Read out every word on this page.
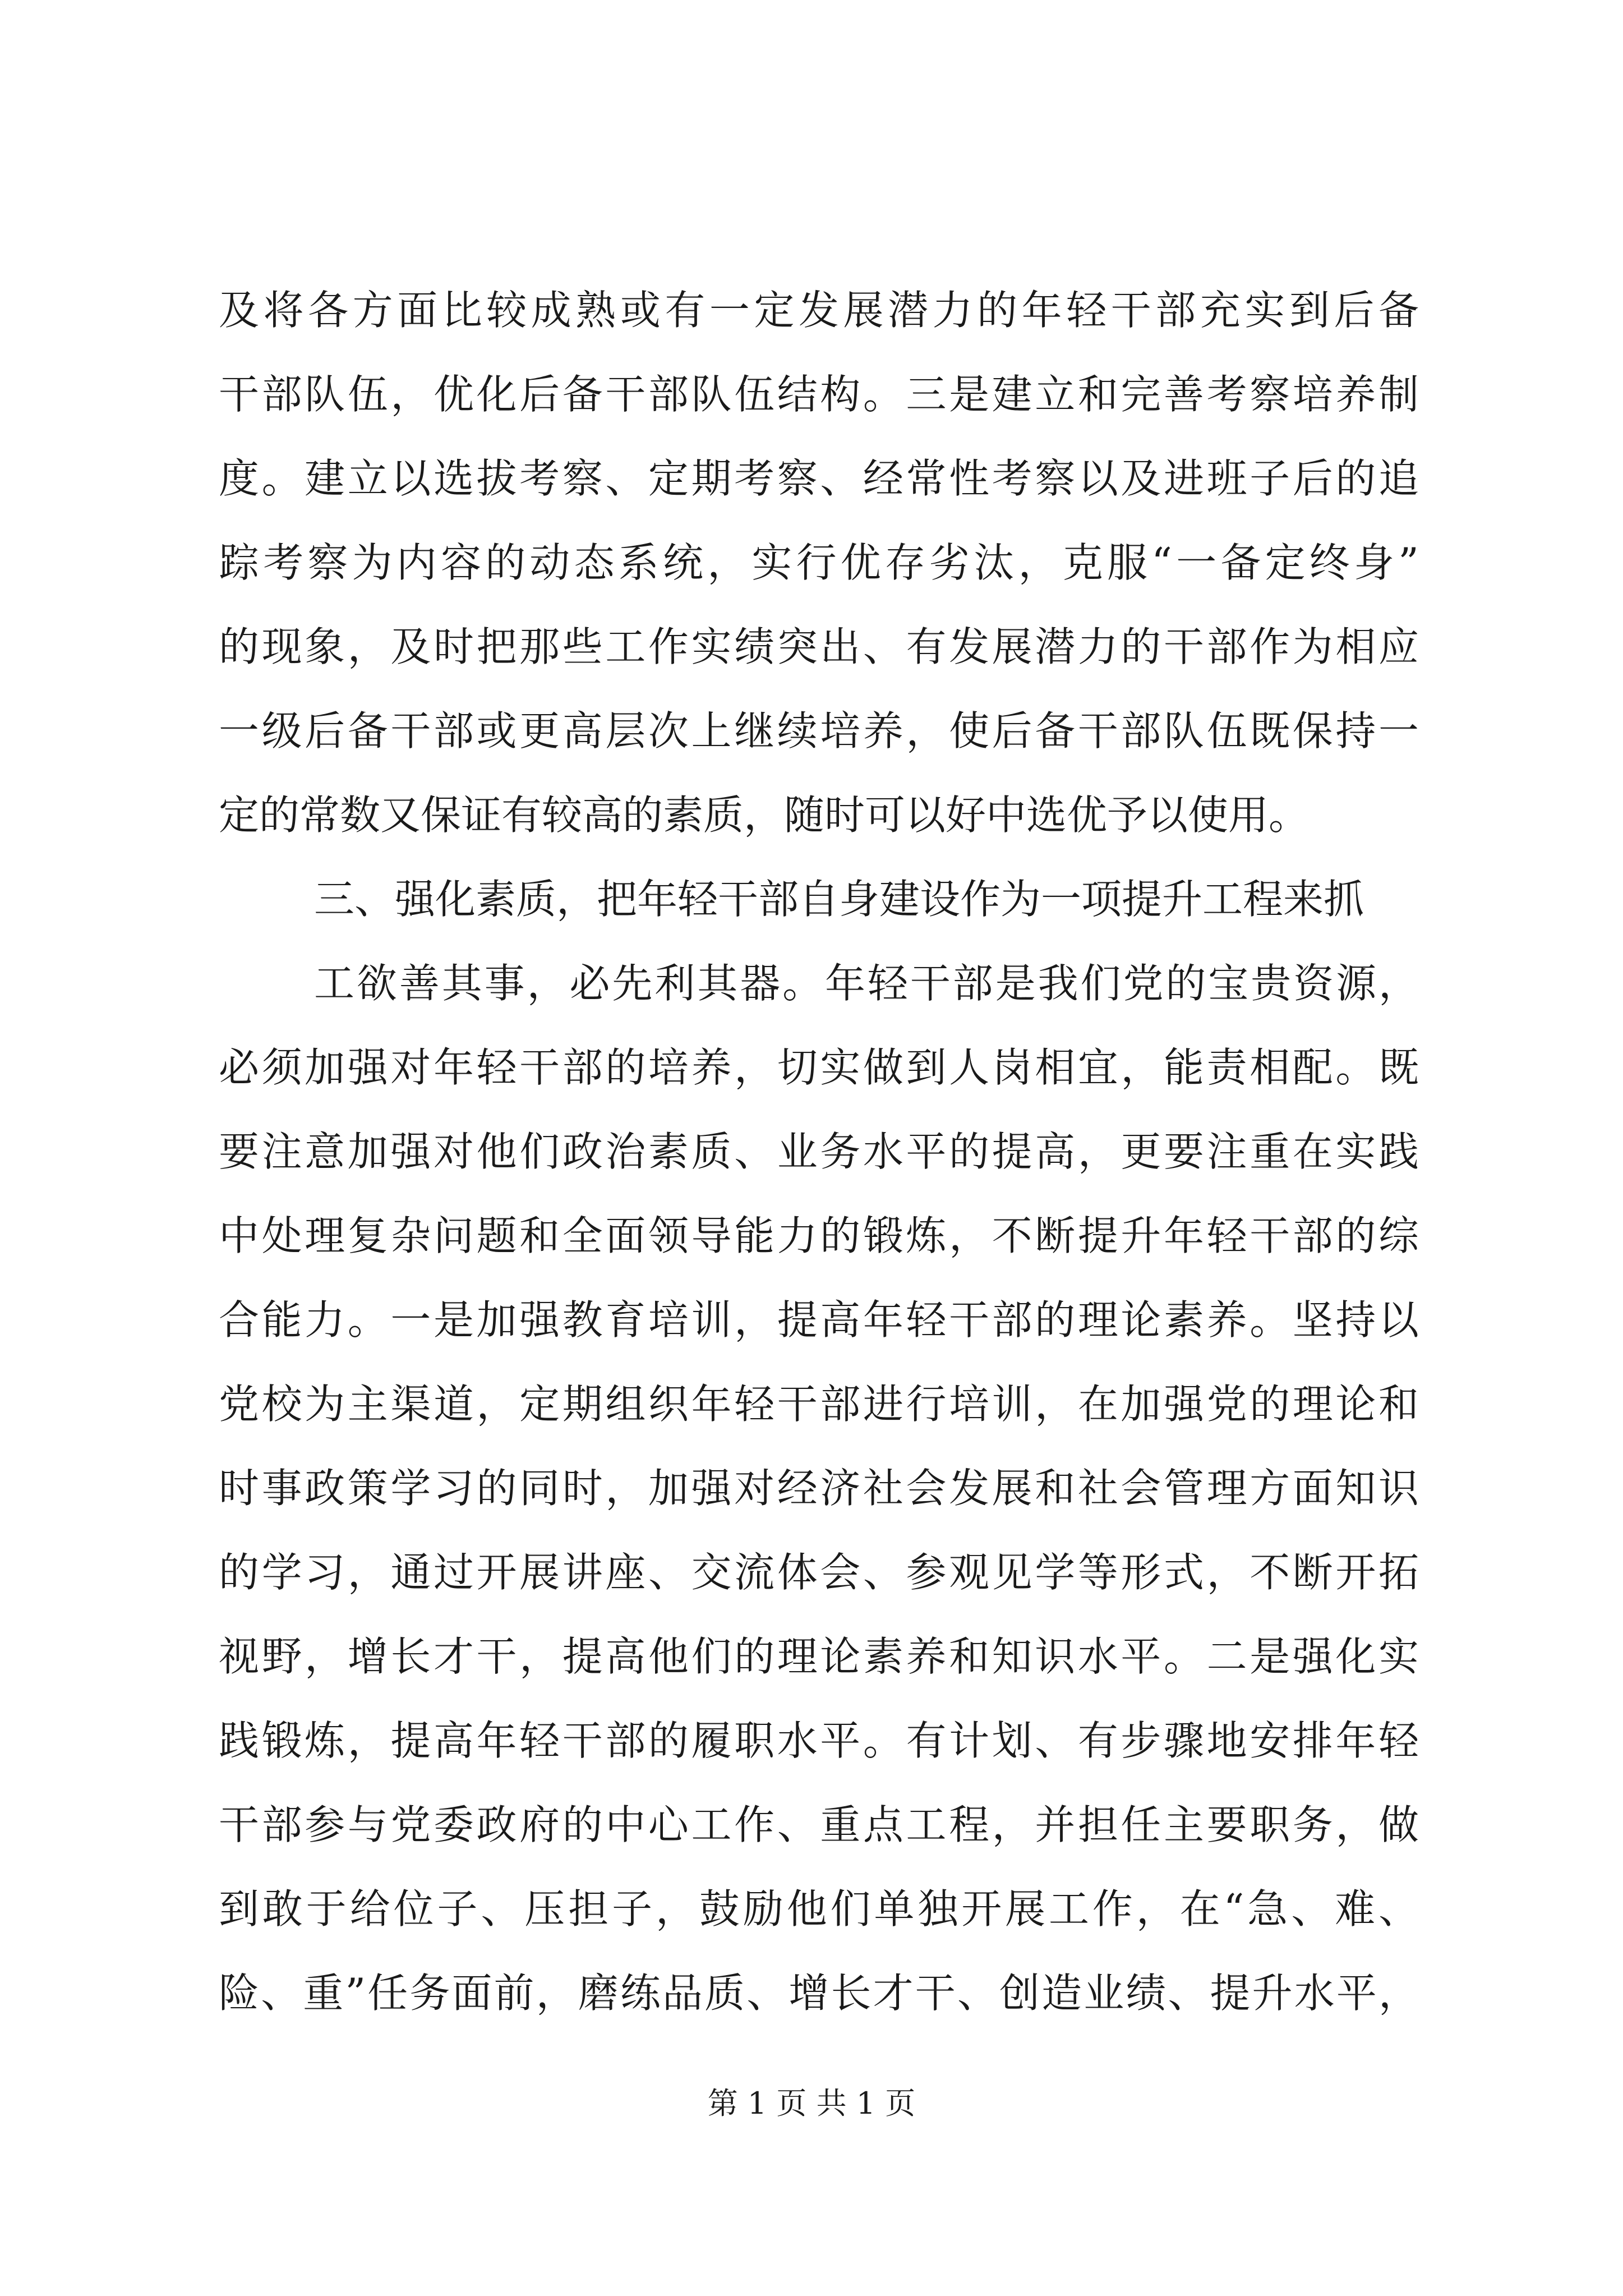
及将各方面比较成熟或有一定发展潜力的年轻干部充实到后备
干部队伍，优化后备干部队伍结构。三是建立和完善考察培养制
度。建立以选拔考察、定期考察、经常性考察以及进班子后的追
踪考察为内容的动态系统，实行优存劣汰，克服“一备定终身”
的现象，及时把那些工作实绩突出、有发展潜力的干部作为相应
一级后备干部或更高层次上继续培养，使后备干部队伍既保持一
定的常数又保证有较高的素质，随时可以好中选优予以使用。
三、强化素质，把年轻干部自身建设作为一项提升工程来抓
工欲善其事，必先利其器。年轻干部是我们党的宝贵资源，
必须加强对年轻干部的培养，切实做到人岗相宜，能责相配。既
要注意加强对他们政治素质、业务水平的提高，更要注重在实践
中处理复杂问题和全面领导能力的锻炼，不断提升年轻干部的综
合能力。一是加强教育培训，提高年轻干部的理论素养。坚持以
党校为主渠道，定期组织年轻干部进行培训，在加强党的理论和
时事政策学习的同时，加强对经济社会发展和社会管理方面知识
的学习，通过开展讲座、交流体会、参观见学等形式，不断开拓
视野，增长才干，提高他们的理论素养和知识水平。二是强化实
践锻炼，提高年轻干部的履职水平。有计划、有步骤地安排年轻
干部参与党委政府的中心工作、重点工程，并担任主要职务，做
到敢于给位子、压担子，鼓励他们单独开展工作，在“急、难、
险、重”任务面前，磨练品质、增长才干、创造业绩、提升水平，
第 1 页 共 1 页
